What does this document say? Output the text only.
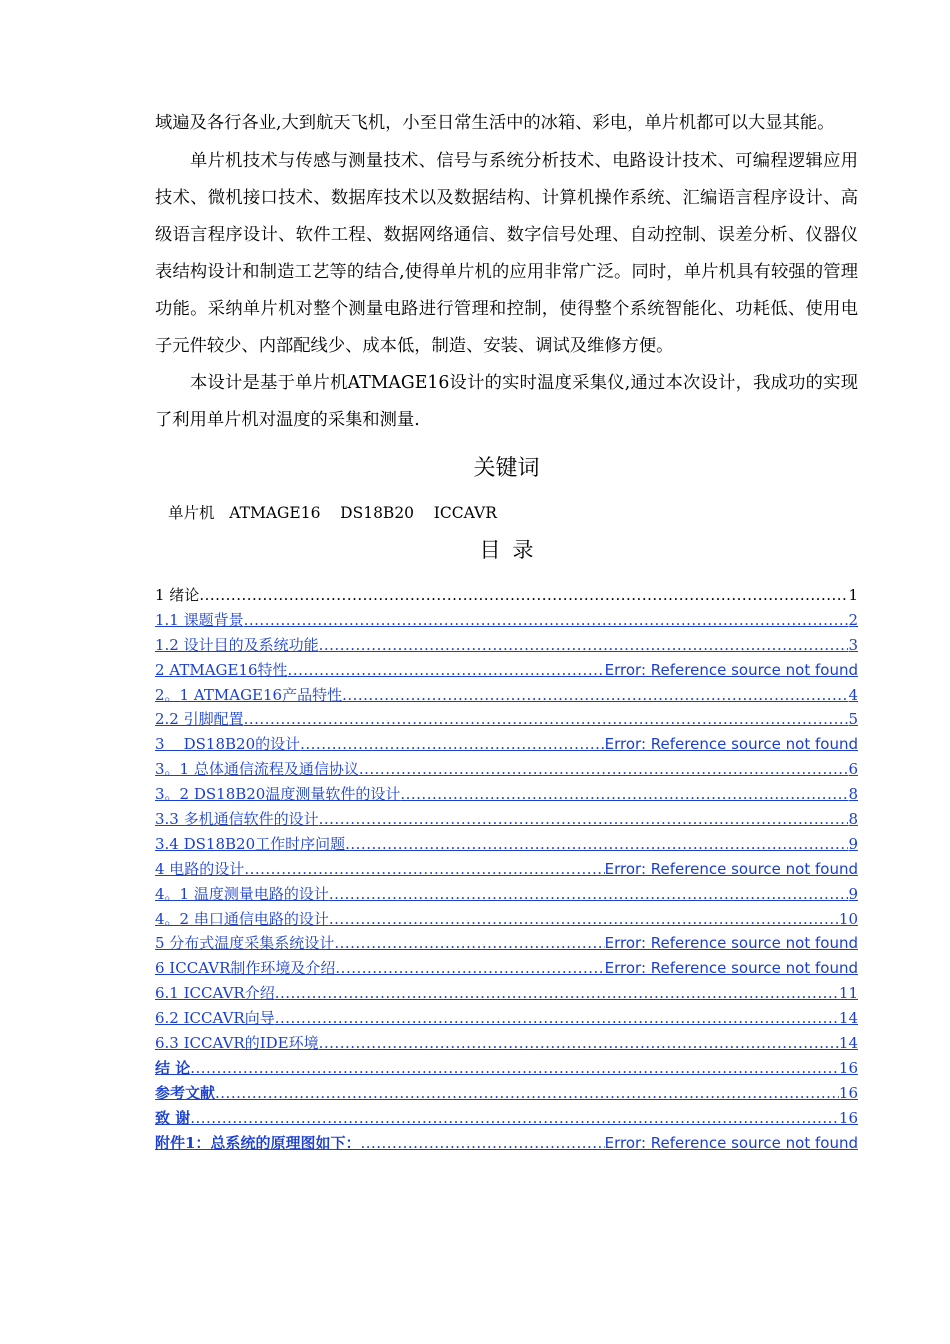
域遍及各行各业,大到航天飞机，小至日常生活中的冰箱、彩电，单片机都可以大显其能。

单片机技术与传感与测量技术、信号与系统分析技术、电路设计技术、可编程逻辑应用技术、微机接口技术、数据库技术以及数据结构、计算机操作系统、汇编语言程序设计、高级语言程序设计、软件工程、数据网络通信、数字信号处理、自动控制、误差分析、仪器仪表结构设计和制造工艺等的结合,使得单片机的应用非常广泛。同时，单片机具有较强的管理功能。采纳单片机对整个测量电路进行管理和控制，使得整个系统智能化、功耗低、使用电子元件较少、内部配线少、成本低，制造、安装、调试及维修方便。

本设计是基于单片机ATMAGE16设计的实时温度采集仪,通过本次设计，我成功的实现了利用单片机对温度的采集和测量.

关键词
单片机   ATMAGE16    DS18B20    ICCAVR
目录
1 绪论 .....	1
1.1 课题背景 .....	2
1.2 设计目的及系统功能 .....	3
2 ATMAGE16特性 .....	Error: Reference source not found
2。1 ATMAGE16产品特性 .....	4
2.2 引脚配置 .....	5
3    DS18B20的设计 .....	Error: Reference source not found
3。1 总体通信流程及通信协议 .....	6
3。2 DS18B20温度测量软件的设计 .....	8
3.3 多机通信软件的设计 .....	8
3.4 DS18B20工作时序问题 .....	9
4 电路的设计 .....	Error: Reference source not found
4。1 温度测量电路的设计 .....	9
4。2 串口通信电路的设计 .....	10
5 分布式温度采集系统设计 .....	Error: Reference source not found
6 ICCAVR制作环境及介绍 .....	Error: Reference source not found
6.1 ICCAVR介绍 .....	11
6.2 ICCAVR向导 .....	14
6.3 ICCAVR的IDE环境 .....	14
结 论 .....	16
参考文献 .....	16
致 谢 .....	16
附件1：总系统的原理图如下： .....	Error: Reference source not found
